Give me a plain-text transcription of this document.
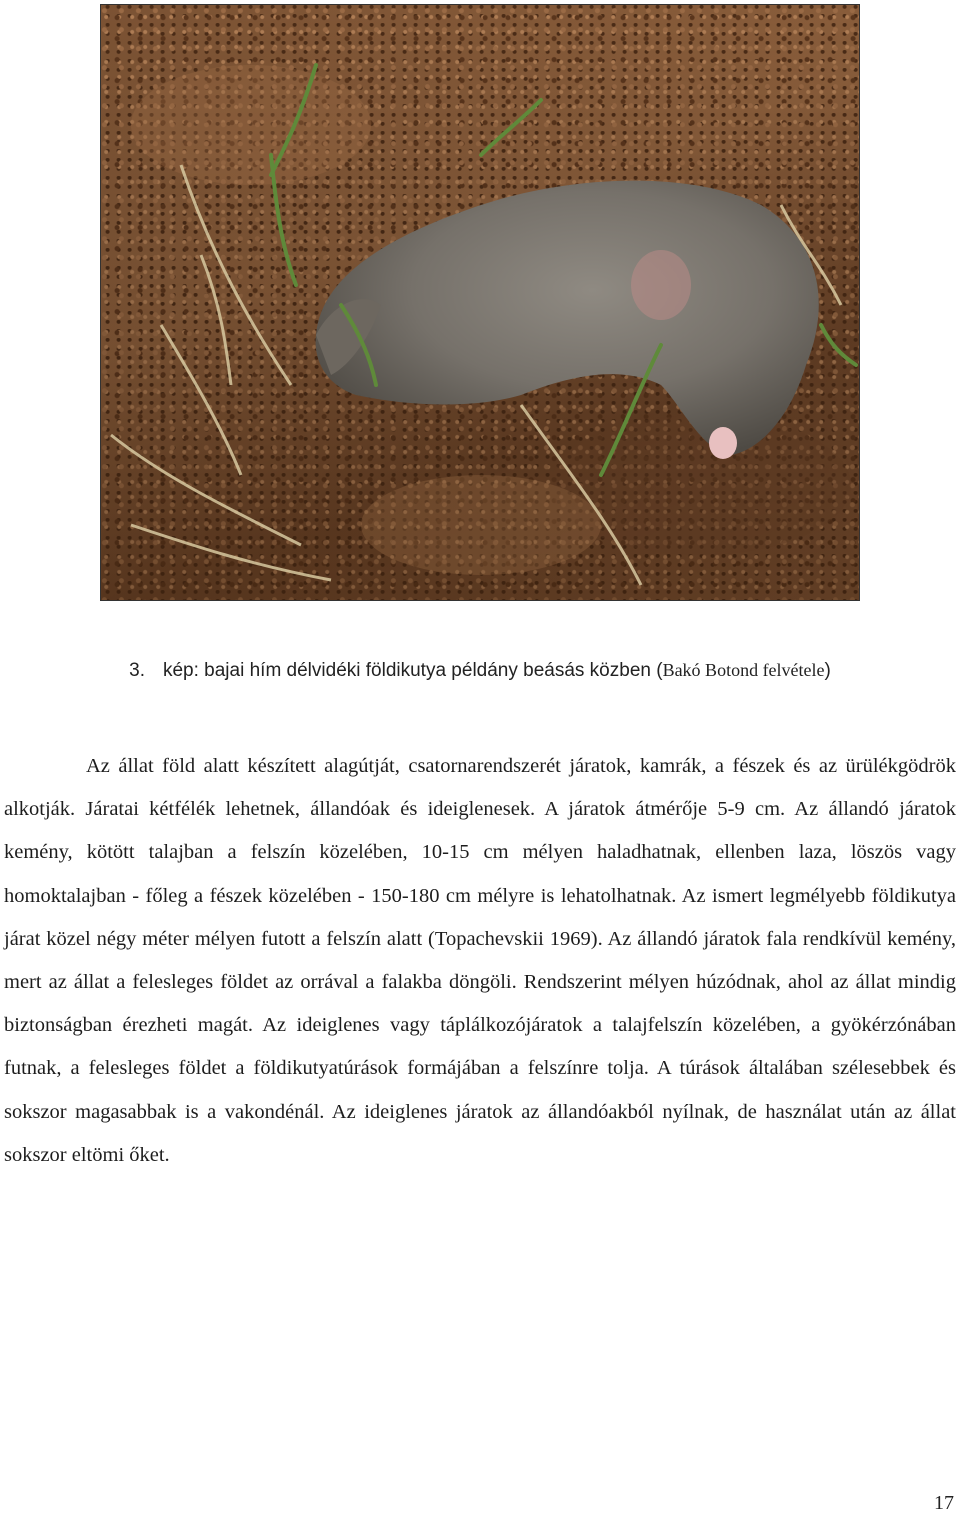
3. kép: bajai hím délvidéki földikutya példány beásás közben (Bakó Botond felvétele)

Az állat föld alatt készített alagútját, csatornarendszerét járatok, kamrák, a fészek és az ürülékgödrök alkotják. Járatai kétfélék lehetnek, állandóak és ideiglenesek. A járatok átmérője 5-9 cm. Az állandó járatok kemény, kötött talajban a felszín közelében, 10-15 cm mélyen haladhatnak, ellenben laza, löszös vagy homoktalajban - főleg a fészek közelében - 150-180 cm mélyre is lehatolhatnak. Az ismert legmélyebb földikutya járat közel négy méter mélyen futott a felszín alatt (Topachevskii 1969). Az állandó járatok fala rendkívül kemény, mert az állat a felesleges földet az orrával a falakba döngöli. Rendszerint mélyen húzódnak, ahol az állat mindig biztonságban érezheti magát. Az ideiglenes vagy táplálkozójáratok a talajfelszín közelében, a gyökérzónában futnak, a felesleges földet a földikutyatúrások formájában a felszínre tolja. A túrások általában szélesebbek és sokszor magasabbak is a vakondénál. Az ideiglenes járatok az állandóakból nyílnak, de használat után az állat sokszor eltömi őket.

17
